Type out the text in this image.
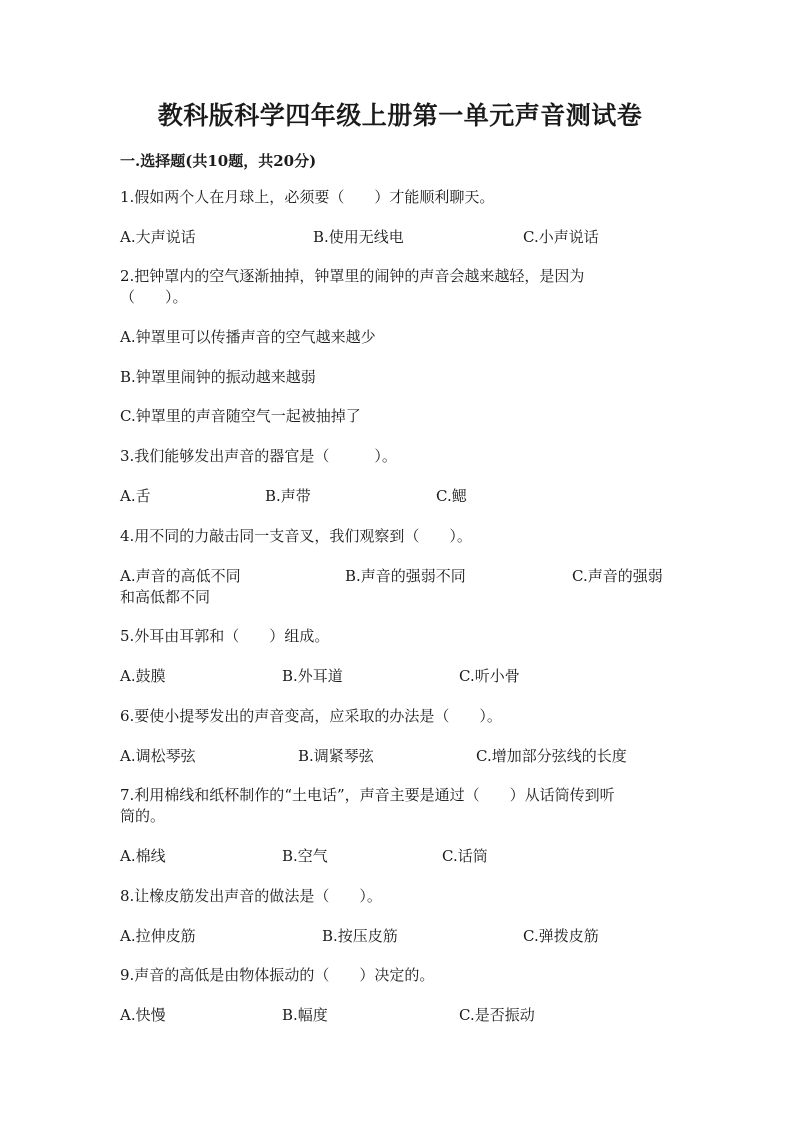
教科版科学四年级上册第一单元声音测试卷
一.选择题(共10题，共20分)
1.假如两个人在月球上，必须要（　　）才能顺利聊天。
A.大声说话	B.使用无线电	C.小声说话
2.把钟罩内的空气逐渐抽掉，钟罩里的闹钟的声音会越来越轻，是因为
（　　）。
A.钟罩里可以传播声音的空气越来越少
B.钟罩里闹钟的振动越来越弱
C.钟罩里的声音随空气一起被抽掉了
3.我们能够发出声音的器官是（　　　）。
A.舌	B.声带	C.鳃
4.用不同的力敲击同一支音叉，我们观察到（　　）。
A.声音的高低不同	B.声音的强弱不同	C.声音的强弱
和高低都不同
5.外耳由耳郭和（　　）组成。
A.鼓膜	B.外耳道	C.听小骨
6.要使小提琴发出的声音变高，应采取的办法是（　　）。
A.调松琴弦	B.调紧琴弦	C.增加部分弦线的长度
7.利用棉线和纸杯制作的“土电话”，声音主要是通过（　　）从话筒传到听
筒的。
A.棉线	B.空气	C.话筒
8.让橡皮筋发出声音的做法是（　　）。
A.拉伸皮筋	B.按压皮筋	C.弹拨皮筋
9.声音的高低是由物体振动的（　　）决定的。
A.快慢	B.幅度	C.是否振动
